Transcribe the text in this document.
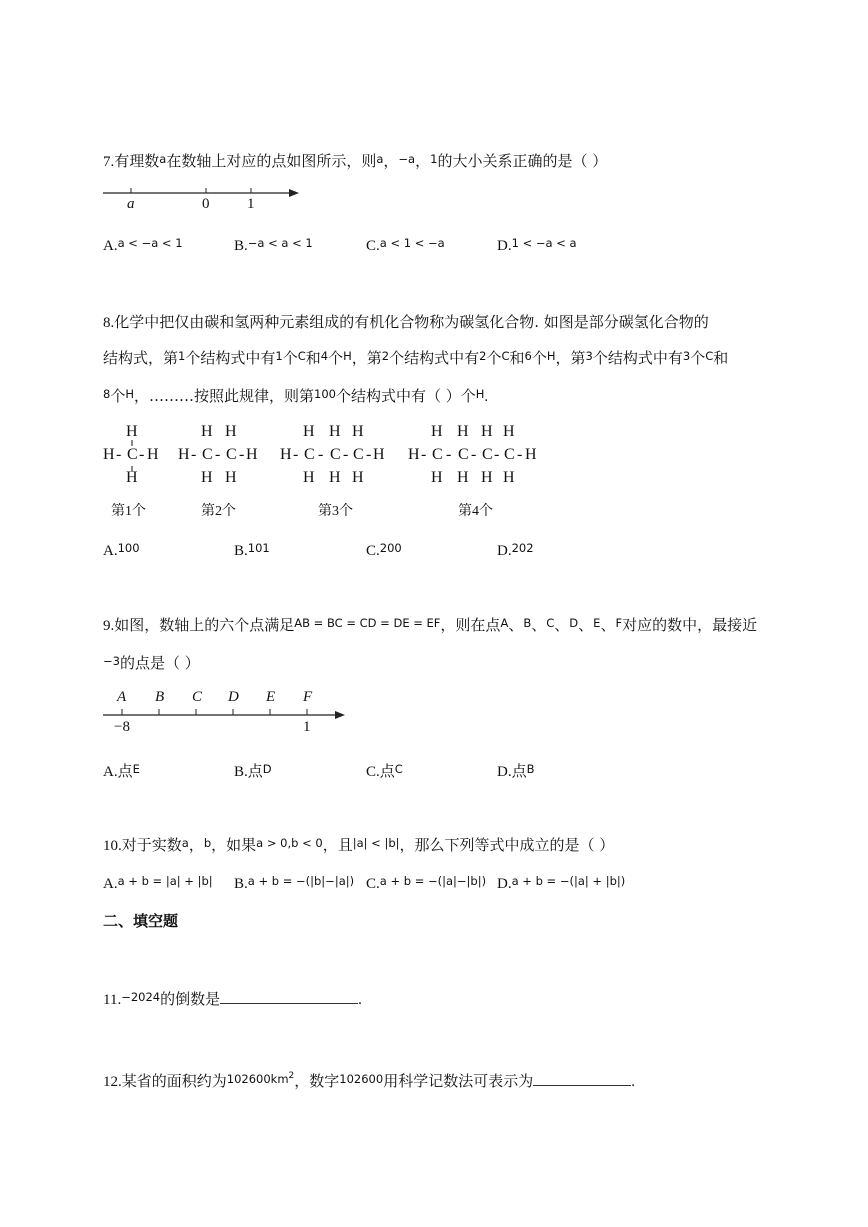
7.有理数a在数轴上对应的点如图所示，则a，−a，1的大小关系正确的是（ ）
a	0	1
A.a < −a < 1	B.−a < a < 1	C.a < 1 < −a	D.1 < −a < a
8.化学中把仅由碳和氢两种元素组成的有机化合物称为碳氢化合物. 如图是部分碳氢化合物的
结构式，第1个结构式中有1个C和4个H，第2个结构式中有2个C和6个H，第3个结构式中有3个C和
8个H，………按照此规律，则第100个结构式中有（ ）个H.
H
H - C - H
H
H H
H - C - C - H
H H
H H H
H - C - C - C - H
H H H
H H H H
H - C - C - C - C - H
H H H H
第1个	第2个	第3个	第4个
A.100	B.101	C.200	D.202
9.如图，数轴上的六个点满足AB = BC = CD = DE = EF，则在点A、B、C、D、E、F对应的数中，最接近
−3的点是（ ）
A B C D E F
−8	1
A.点E	B.点D	C.点C	D.点B
10.对于实数a，b，如果a > 0,b < 0，且|a| < |b|，那么下列等式中成立的是（ ）
A.a + b = |a| + |b| B.a + b = −(|b|−|a|) C.a + b = −(|a|−|b|) D.a + b = −(|a| + |b|)
二、填空题
11.−2024的倒数是	.
12.某省的面积约为$102600km^2$，数字102600用科学记数法可表示为	.
